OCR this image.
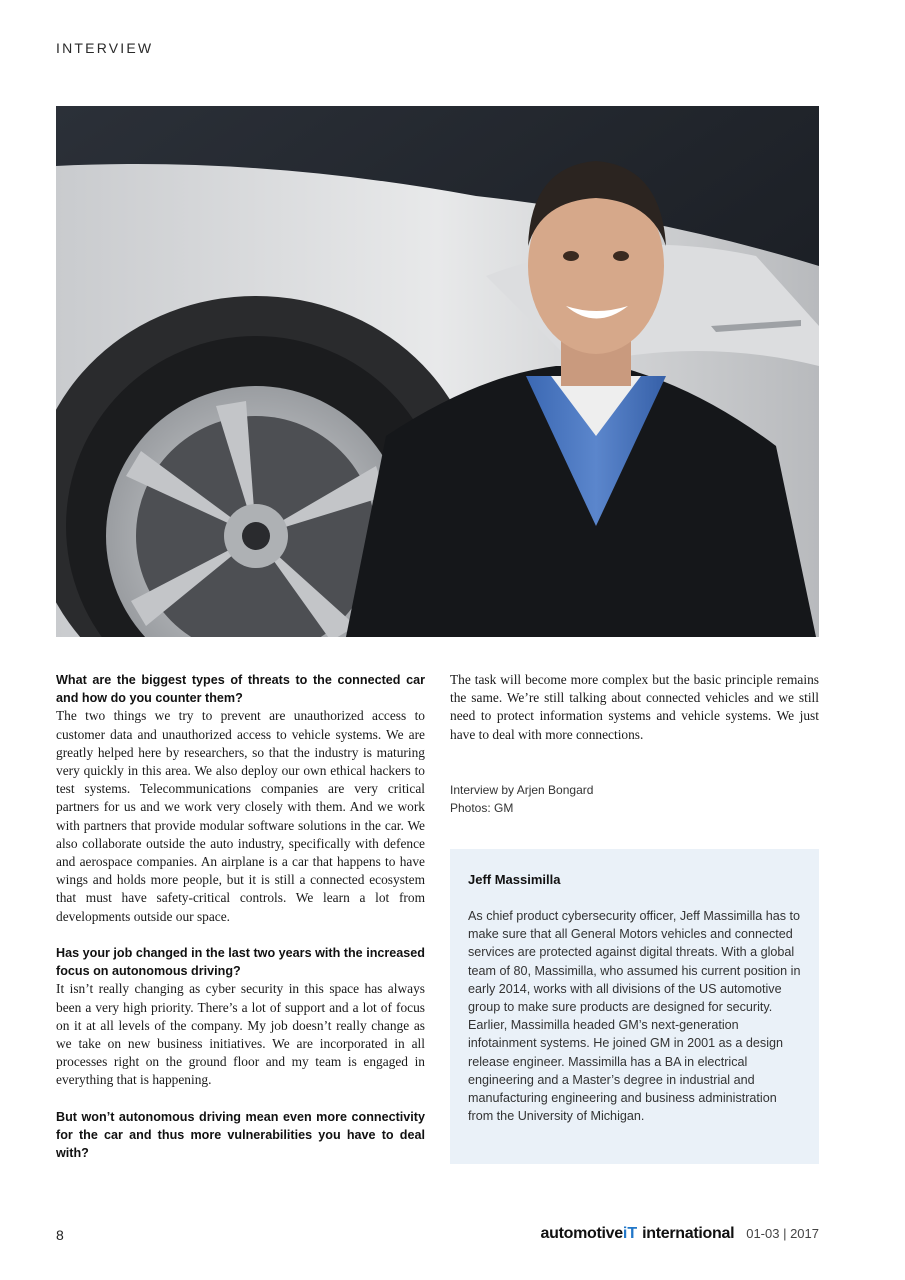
INTERVIEW

What are the biggest types of threats to the connected car and how do you counter them?

The two things we try to prevent are unauthorized access to customer data and unauthorized access to vehicle systems. We are greatly helped here by researchers, so that the industry is maturing very quickly in this area. We also deploy our own ethical hackers to test systems. Telecommunications companies are very critical partners for us and we work very closely with them. And we work with partners that provide modular software solutions in the car. We also collaborate outside the auto industry, specifically with defence and aerospace companies. An airplane is a car that happens to have wings and holds more people, but it is still a connected ecosystem that must have safety-critical controls. We learn a lot from developments outside our space.

Has your job changed in the last two years with the increased focus on autonomous driving?

It isn’t really changing as cyber security in this space has always been a very high priority. There’s a lot of support and a lot of focus on it at all levels of the company. My job doesn’t really change as we take on new business initiatives. We are incorporated in all processes right on the ground floor and my team is engaged in everything that is happening.

But won’t autonomous driving mean even more connectivity for the car and thus more vulnerabilities you have to deal with?

The task will become more complex but the basic principle remains the same. We’re still talking about connected vehicles and we still need to protect information systems and vehicle systems. We just have to deal with more connections.

Interview by Arjen Bongard
Photos: GM

Jeff Massimilla

As chief product cybersecurity officer, Jeff Massimilla has to make sure that all General Motors vehicles and connected services are protected against digital threats. With a global team of 80, Massimilla, who assumed his current position in early 2014, works with all divisions of the US automotive group to make sure products are designed for security. Earlier, Massimilla headed GM’s next-generation infotainment systems. He joined GM in 2001 as a design release engineer. Massimilla has a BA in electrical engineering and a Master’s degree in industrial and manufacturing engineering and business administration from the University of Michigan.

8	automotive iT international 01-03 | 2017
